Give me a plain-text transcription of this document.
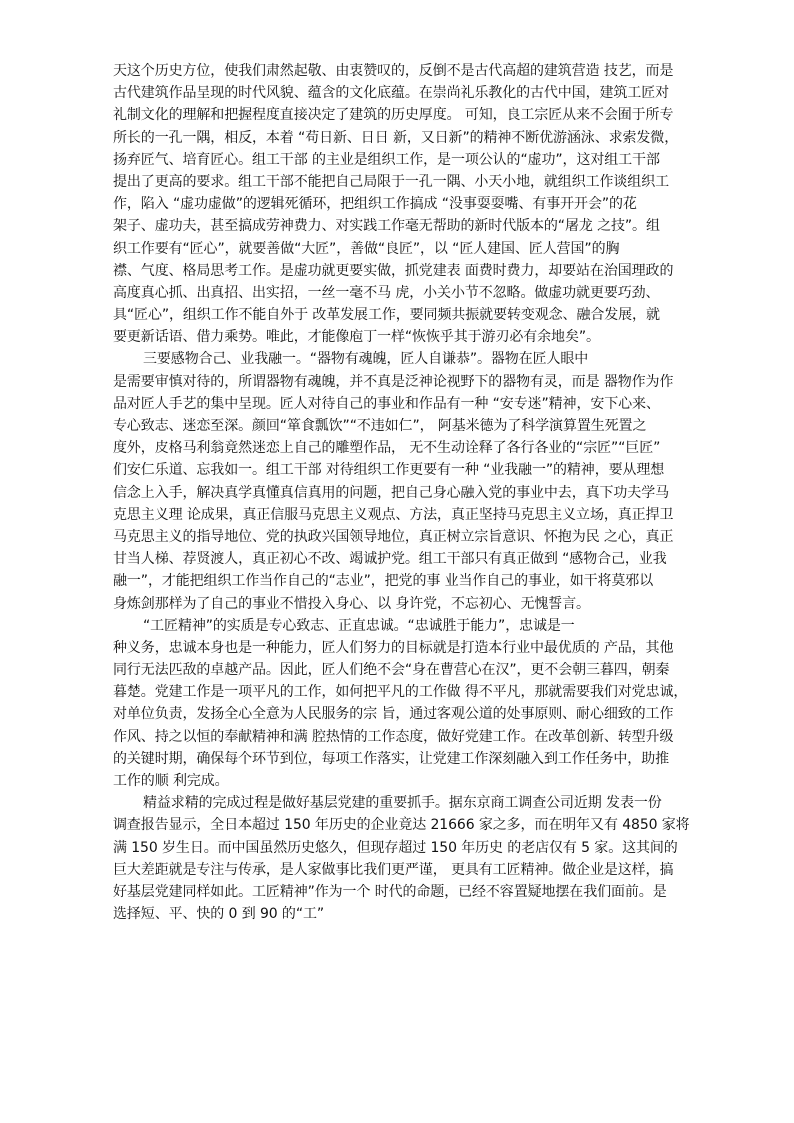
天这个历史方位，使我们肃然起敬、由衷赞叹的，反倒不是古代高超的建筑营造 技艺，而是
古代建筑作品呈现的时代风貌、蕴含的文化底蕴。在崇尚礼乐教化的古代中国，建筑工匠对
礼制文化的理解和把握程度直接决定了建筑的历史厚度。 可知，良工宗匠从来不会囿于所专
所长的一孔一隅，相反，本着 “苟日新、日日 新，又日新”的精神不断优游涵泳、求索发微，
扬弃匠气、培育匠心。组工干部 的主业是组织工作，是一项公认的“虚功”，这对组工干部
提出了更高的要求。组工干部不能把自己局限于一孔一隅、小天小地，就组织工作谈组织工
作，陷入 “虚功虚做”的逻辑死循环，把组织工作搞成 “没事耍耍嘴、有事开开会”的花
架子、虚功夫，甚至搞成劳神费力、对实践工作毫无帮助的新时代版本的“屠龙 之技”。组
织工作要有“匠心”，就要善做“大匠”，善做“良匠”，以 “匠人建国、匠人营国”的胸
襟、气度、格局思考工作。是虚功就更要实做，抓党建表 面费时费力，却要站在治国理政的
高度真心抓、出真招、出实招，一丝一毫不马 虎，小关小节不忽略。做虚功就更要巧劲、
具“匠心”，组织工作不能自外于 改革发展工作，要同频共振就要转变观念、融合发展，就
要更新话语、借力乘势。唯此，才能像庖丁一样“恢恢乎其于游刃必有余地矣”。
三要感物合己、业我融一。“器物有魂魄，匠人自谦恭”。器物在匠人眼中
是需要审慎对待的，所谓器物有魂魄，并不真是泛神论视野下的器物有灵，而是 器物作为作
品对匠人手艺的集中呈现。匠人对待自己的事业和作品有一种 “安专迷”精神，安下心来、
专心致志、迷恋至深。颜回“箪食瓢饮”“不违如仁”， 阿基米德为了科学演算置生死置之
度外，皮格马利翁竟然迷恋上自己的雕塑作品， 无不生动诠释了各行各业的“宗匠”“巨匠”
们安仁乐道、忘我如一。组工干部 对待组织工作更要有一种 “业我融一”的精神，要从理想
信念上入手，解决真学真懂真信真用的问题，把自己身心融入党的事业中去，真下功夫学马
克思主义理 论成果，真正信服马克思主义观点、方法，真正坚持马克思主义立场，真正捍卫
马克思主义的指导地位、党的执政兴国领导地位，真正树立宗旨意识、怀抱为民 之心，真正
甘当人梯、荐贤渡人，真正初心不改、竭诚护党。组工干部只有真正做到 “感物合己，业我
融一”，才能把组织工作当作自己的“志业”，把党的事 业当作自己的事业，如干将莫邪以
身炼剑那样为了自己的事业不惜投入身心、以 身许党，不忘初心、无愧誓言。
“工匠精神”的实质是专心致志、正直忠诚。“忠诚胜于能力”，忠诚是一
种义务，忠诚本身也是一种能力，匠人们努力的目标就是打造本行业中最优质的 产品，其他
同行无法匹敌的卓越产品。因此，匠人们绝不会“身在曹营心在汉”，更不会朝三暮四，朝秦
暮楚。党建工作是一项平凡的工作，如何把平凡的工作做 得不平凡，那就需要我们对党忠诚，
对单位负责，发扬全心全意为人民服务的宗 旨，通过客观公道的处事原则、耐心细致的工作
作风、持之以恒的奉献精神和满 腔热情的工作态度，做好党建工作。在改革创新、转型升级
的关键时期，确保每个环节到位，每项工作落实，让党建工作深刻融入到工作任务中，助推
工作的顺 利完成。
精益求精的完成过程是做好基层党建的重要抓手。据东京商工调查公司近期 发表一份
调查报告显示，全日本超过 150 年历史的企业竟达 21666 家之多，而在明年又有 4850 家将
满 150 岁生日。而中国虽然历史悠久，但现存超过 150 年历史 的老店仅有 5 家。这其间的
巨大差距就是专注与传承，是人家做事比我们更严谨， 更具有工匠精神。做企业是这样，搞
好基层党建同样如此。工匠精神”作为一个 时代的命题，已经不容置疑地摆在我们面前。是
选择短、平、快的 0 到 90 的“工”
